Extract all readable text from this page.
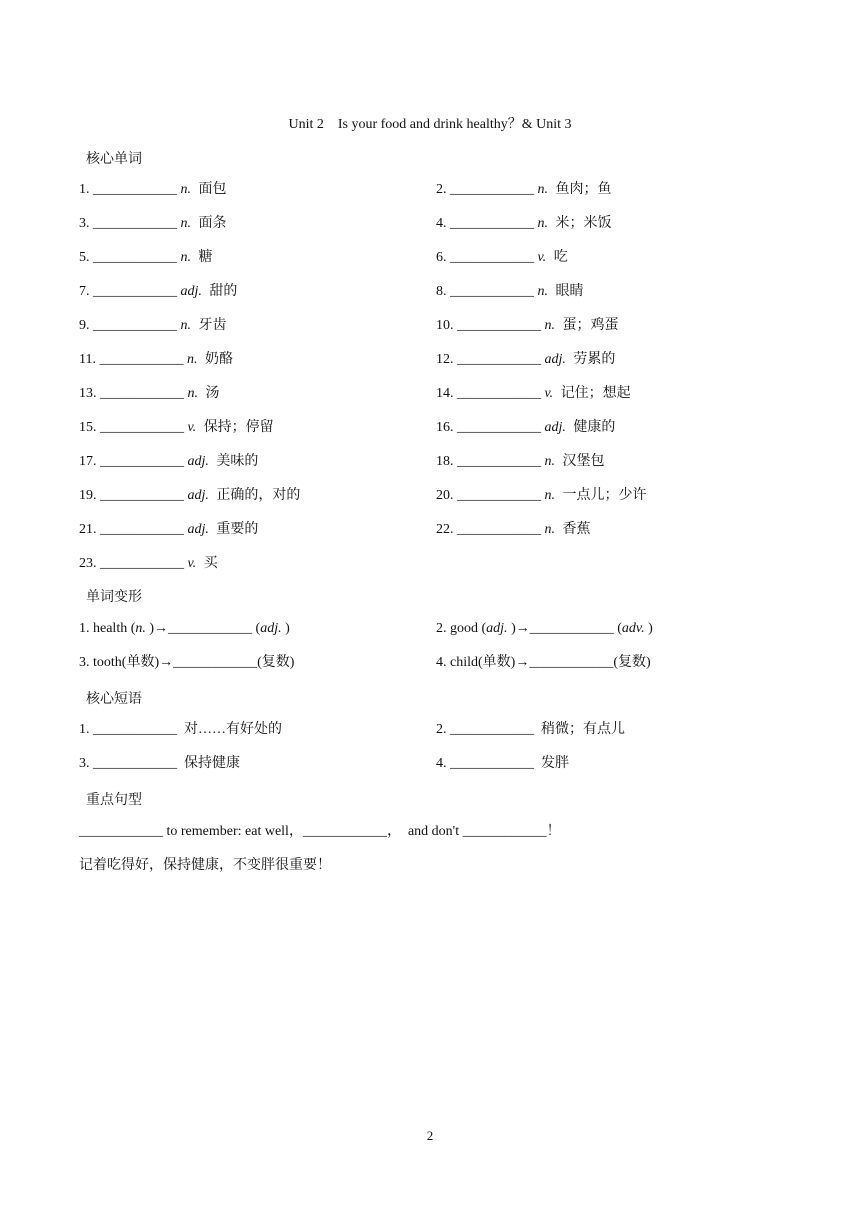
Unit 2　Is your food and drink healthy？& Unit 3
核心单词
1. ____________ n. 面包	2. ____________ n. 鱼肉；鱼
3. ____________ n. 面条	4. ____________ n. 米；米饭
5. ____________ n. 糖	6. ____________ v. 吃
7. ____________ adj. 甜的	8. ____________ n. 眼睛
9. ____________ n. 牙齿	10. ____________ n. 蛋；鸡蛋
11. ____________ n. 奶酪	12. ____________ adj. 劳累的
13. ____________ n. 汤	14. ____________ v. 记住；想起
15. ____________ v. 保持；停留	16. ____________ adj. 健康的
17. ____________ adj. 美味的	18. ____________ n. 汉堡包
19. ____________ adj. 正确的，对的	20. ____________ n. 一点儿；少许
21. ____________ adj. 重要的	22. ____________ n. 香蕉
23. ____________ v. 买
单词变形
1. health (n. )→____________ (adj. )	2. good (adj. )→____________ (adv. )
3. tooth(单数)→____________(复数)	4. child(单数)→____________(复数)
核心短语
1. ____________ 对……有好处的	2. ____________ 稍微；有点儿
3. ____________ 保持健康	4. ____________ 发胖
重点句型
____________ to remember: eat well，____________，　and don't ____________！
记着吃得好，保持健康，不变胖很重要！
2
